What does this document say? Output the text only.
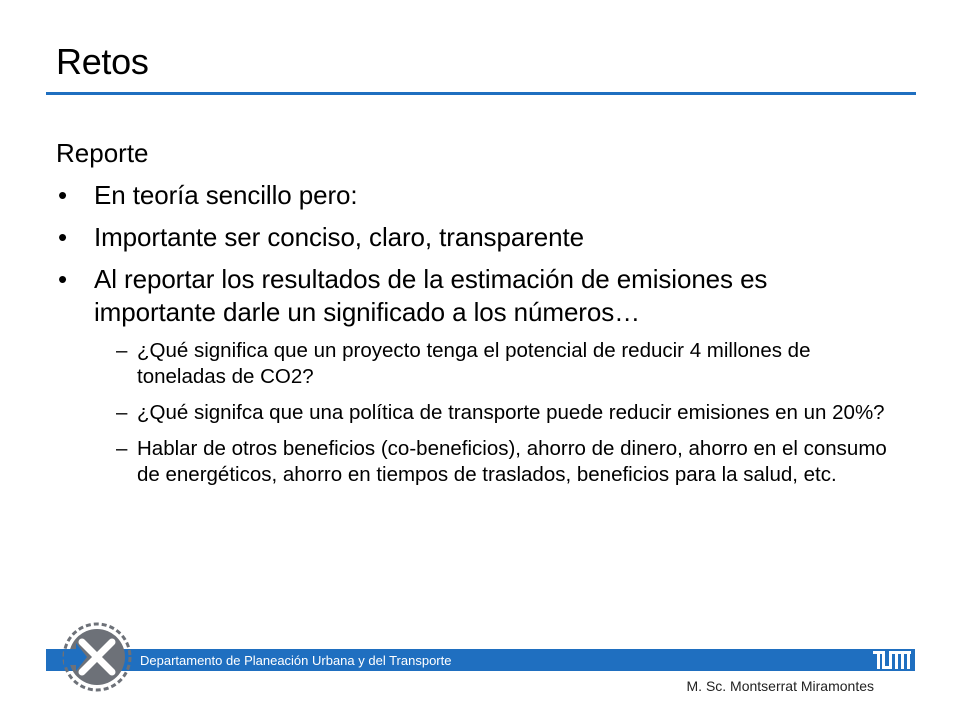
Retos
Reporte
• En teoría sencillo pero:
• Importante ser conciso, claro, transparente
• Al reportar los resultados de la estimación de emisiones es importante darle un significado a los números…
– ¿Qué significa que un proyecto tenga el potencial de reducir 4 millones de toneladas de CO2?
– ¿Qué signifca que una política de transporte puede reducir emisiones en un 20%?
– Hablar de otros beneficios (co-beneficios), ahorro de dinero, ahorro en el consumo de energéticos, ahorro en tiempos de traslados, beneficios para la salud, etc.
Departamento de Planeación Urbana y del Transporte
M. Sc. Montserrat Miramontes
